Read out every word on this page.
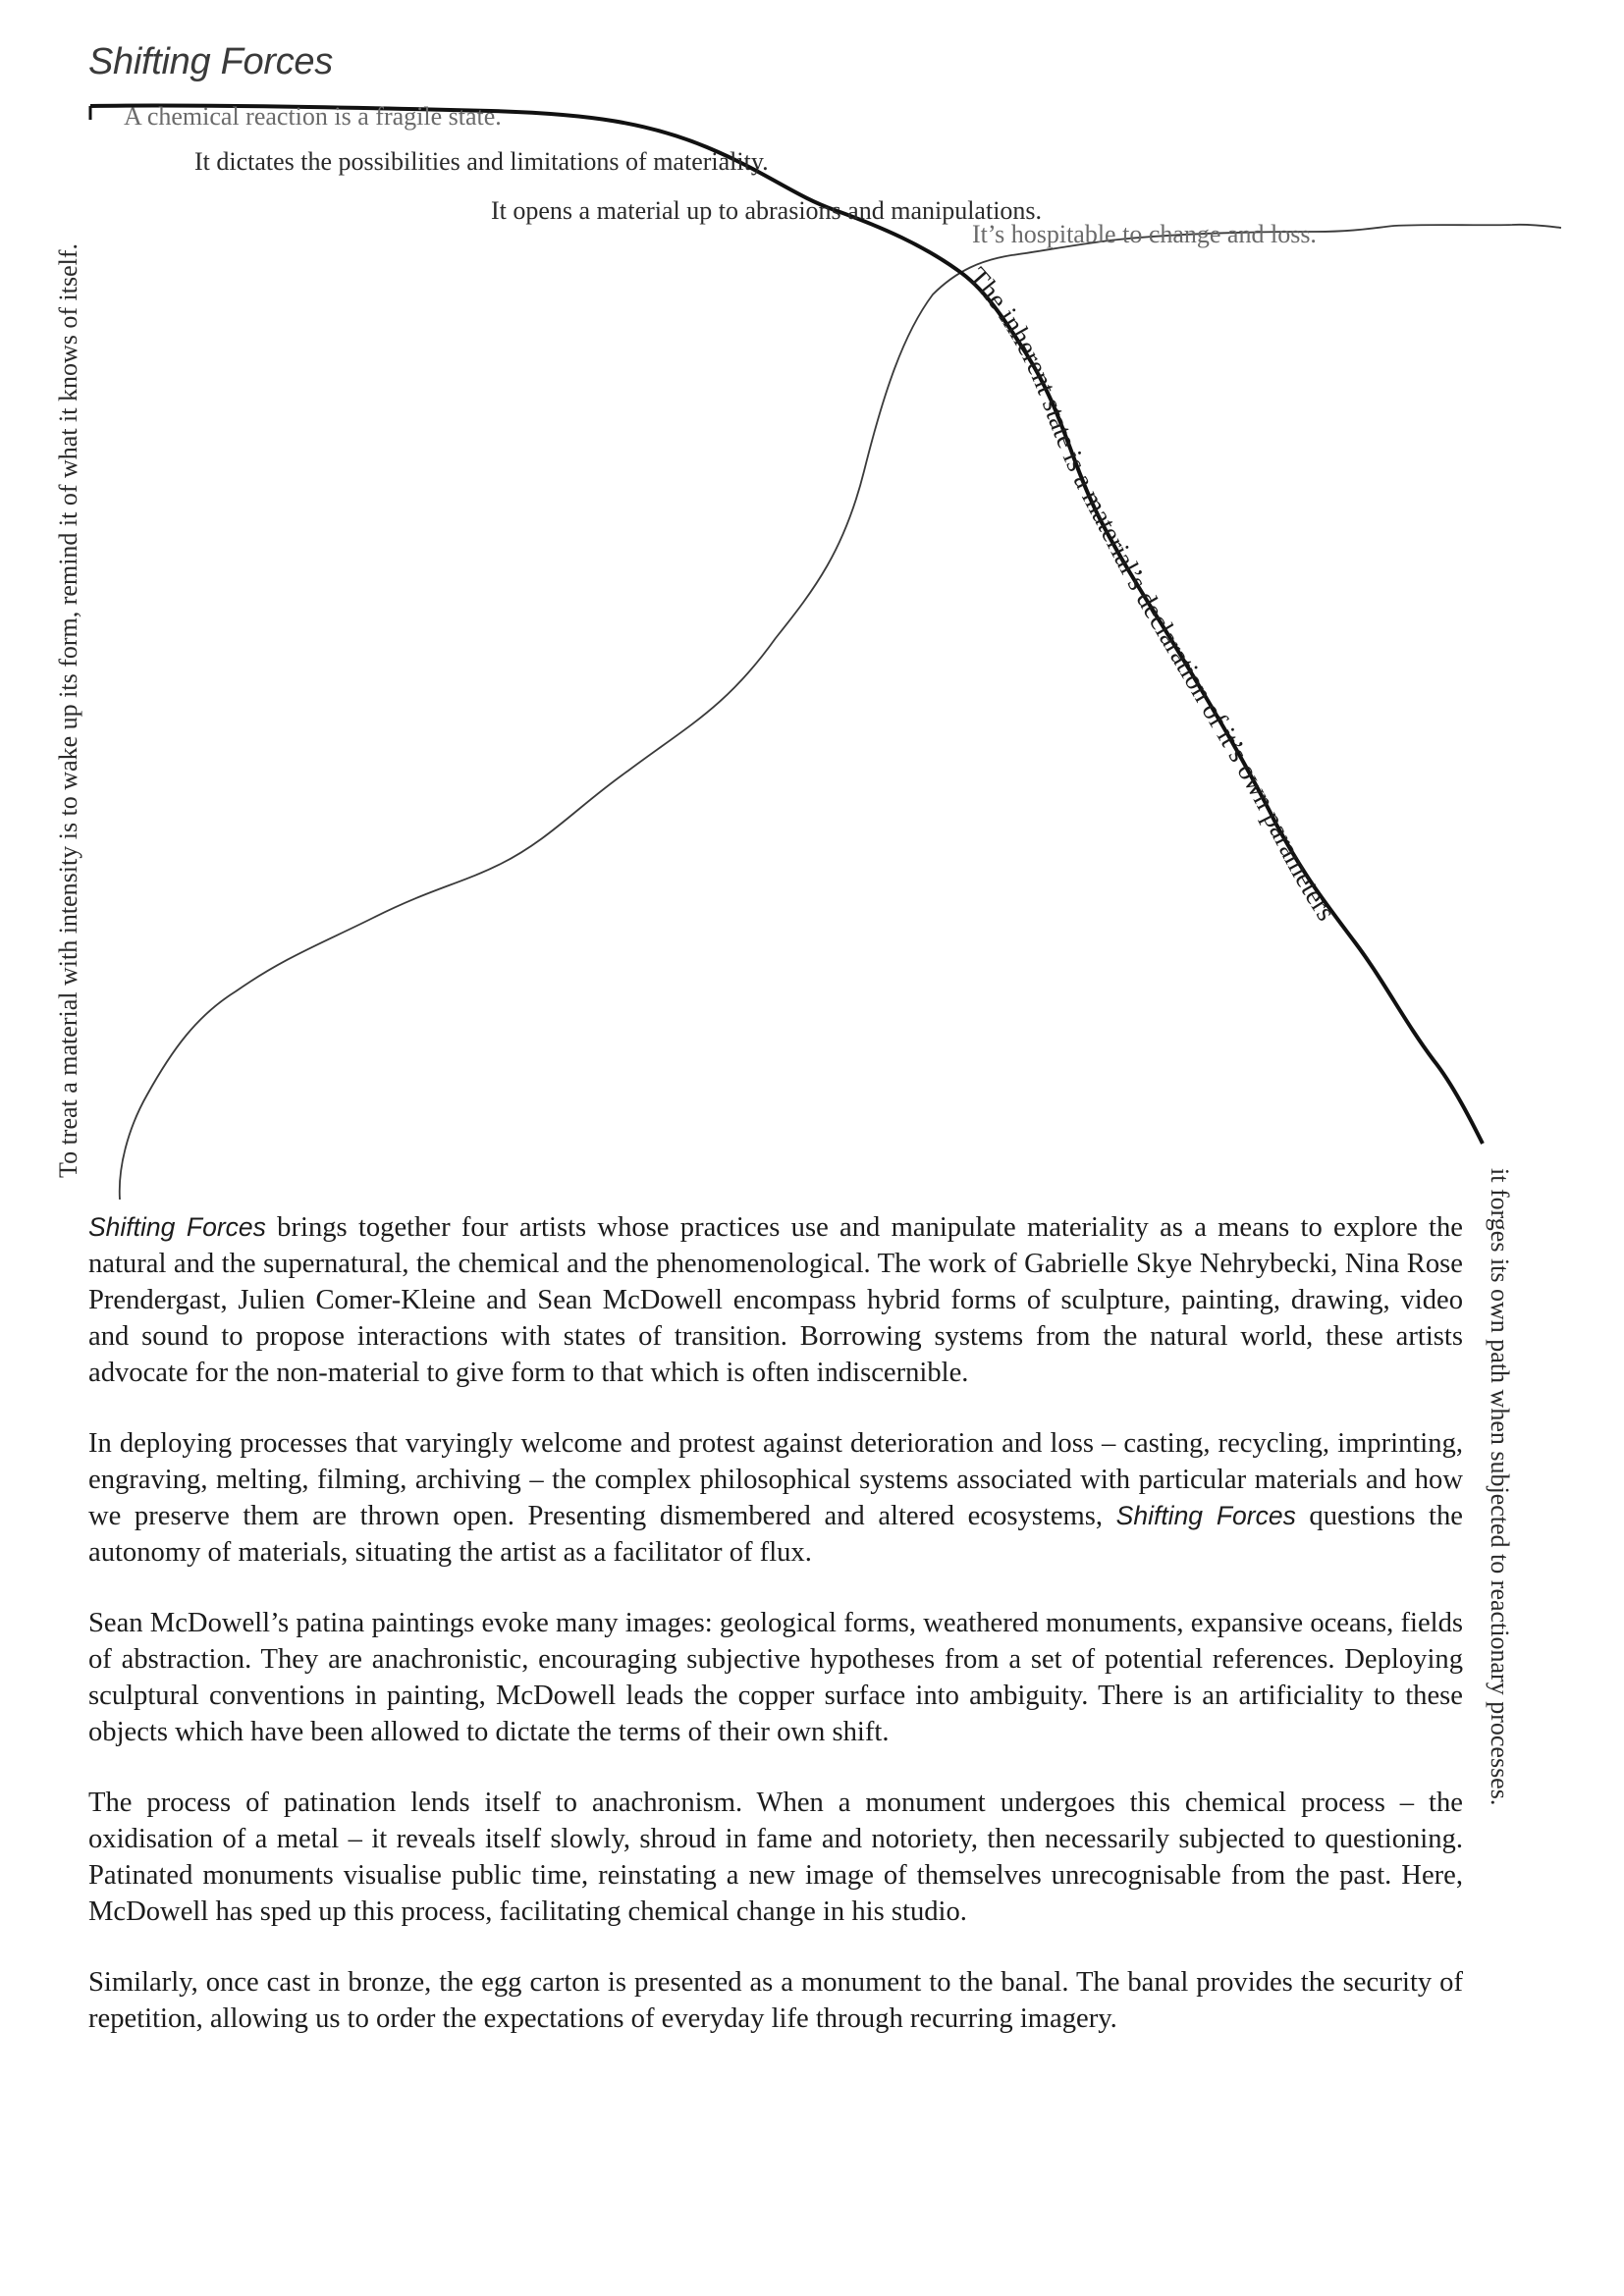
Shifting Forces
The inherent state is a material’s declaration of it’s own parameters
A chemical reaction is a fragile state.
It dictates the possibilities and limitations of materiality.
It opens a material up to abrasions and manipulations.
It’s hospitable to change and loss.
To treat a material with intensity is to wake up its form, remind it of what it knows of itself.
it forges its own path when subjected to reactionary processes.

Shifting Forces brings together four artists whose practices use and manipulate materiality as a means to explore the natural and the supernatural, the chemical and the phenomenological. The work of Gabrielle Skye Nehrybecki, Nina Rose Prendergast, Julien Comer-Kleine and Sean McDowell encompass hybrid forms of sculpture, painting, drawing, video and sound to propose interactions with states of transition. Borrowing systems from the natural world, these artists advocate for the non-material to give form to that which is often indiscernible.

In deploying processes that varyingly welcome and protest against deterioration and loss – casting, recycling, imprinting, engraving, melting, filming, archiving – the complex philosophical systems associated with particular materials and how we preserve them are thrown open. Presenting dismembered and altered ecosystems, Shifting Forces questions the autonomy of materials, situating the artist as a facilitator of flux.

Sean McDowell’s patina paintings evoke many images: geological forms, weathered monuments, expansive oceans, fields of abstraction. They are anachronistic, encouraging subjective hypotheses from a set of potential references. Deploying sculptural conventions in painting, McDowell leads the copper surface into ambiguity. There is an artificiality to these objects which have been allowed to dictate the terms of their own shift.

The process of patination lends itself to anachronism. When a monument undergoes this chemical process – the oxidisation of a metal – it reveals itself slowly, shroud in fame and notoriety, then necessarily subjected to questioning. Patinated monuments visualise public time, reinstating a new image of themselves unrecognisable from the past. Here, McDowell has sped up this process, facilitating chemical change in his studio.

Similarly, once cast in bronze, the egg carton is presented as a monument to the banal. The banal provides the security of repetition, allowing us to order the expectations of everyday life through recurring imagery.
